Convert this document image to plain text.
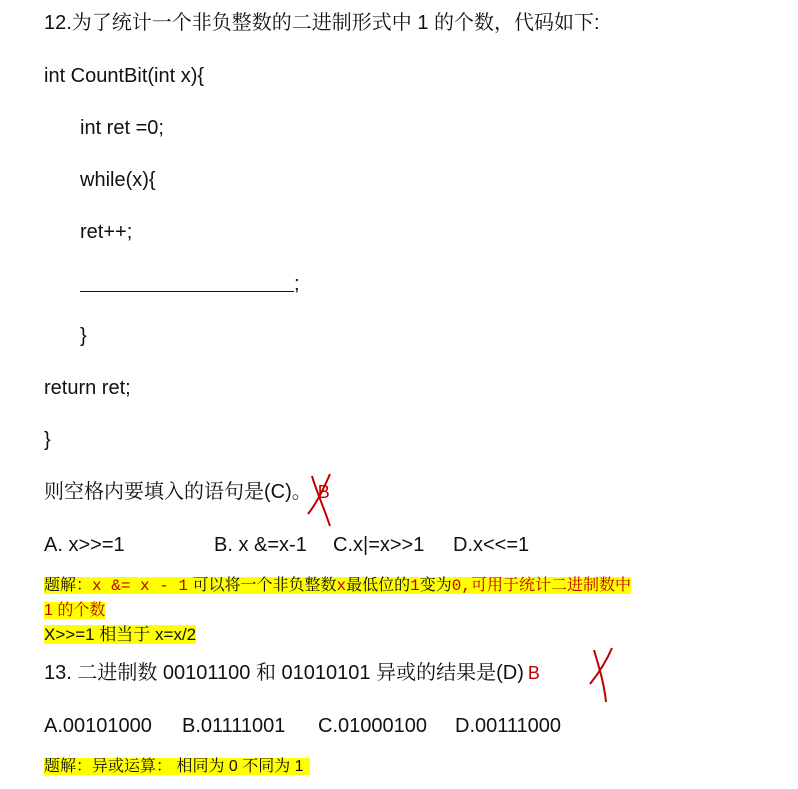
12.为了统计一个非负整数的二进制形式中 1 的个数，代码如下:
int CountBit(int x){
int ret =0;
while(x){
ret++;
;
}
return ret;
}
则空格内要填入的语句是(C)。 B
A. x>>=1	B. x &=x-1 C.x|=x>>1 D.x<<=1
题解：x &= x - 1 可以将一个非负整数x最低位的1变为0,可用于统计二进制数中
1 的个数
X>>=1 相当于 x=x/2
13. 二进制数 00101100 和 01010101 异或的结果是(D) B
A.00101000 B.01111001 C.01000100 D.00111000
题解：异或运算： 相同为 0 不同为 1
